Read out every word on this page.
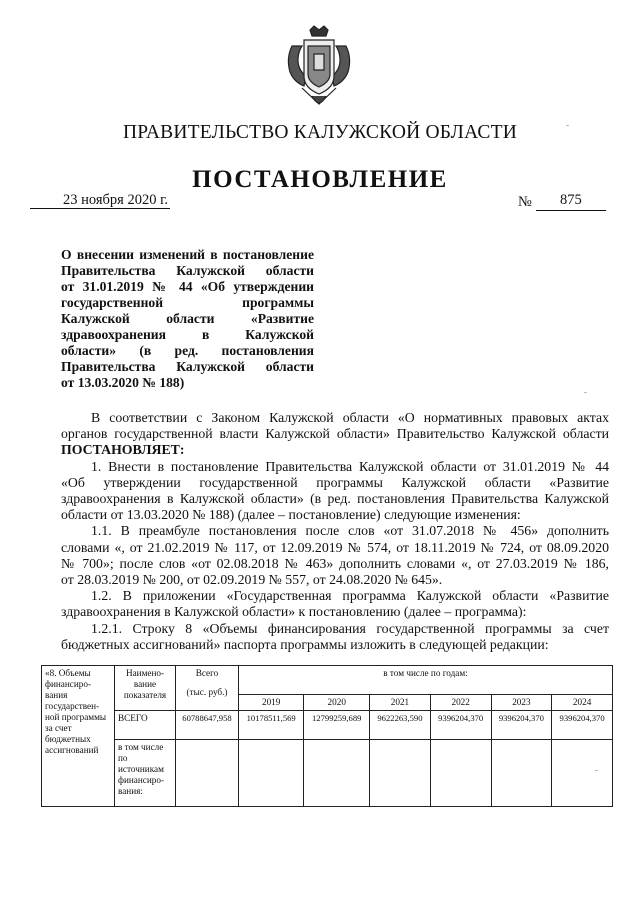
ПРАВИТЕЛЬСТВО КАЛУЖСКОЙ ОБЛАСТИ
ПОСТАНОВЛЕНИЕ
23 ноября 2020 г.	№ 875
О внесении изменений в постановление
Правительства Калужской области
от 31.01.2019 № 44 «Об утверждении
государственной программы
Калужской области «Развитие
здравоохранения в Калужской
области» (в ред. постановления
Правительства Калужской области
от 13.03.2020 № 188)

В соответствии с Законом Калужской области «О нормативных правовых актах
органов государственной власти Калужской области» Правительство Калужской области
ПОСТАНОВЛЯЕТ:

1. Внести в постановление Правительства Калужской области от 31.01.2019 № 44
«Об утверждении государственной программы Калужской области «Развитие
здравоохранения в Калужской области» (в ред. постановления Правительства Калужской
области от 13.03.2020 № 188) (далее – постановление) следующие изменения:

1.1. В преамбуле постановления после слов «от 31.07.2018 № 456» дополнить
словами «, от 21.02.2019 № 117, от 12.09.2019 № 574, от 18.11.2019 № 724, от 08.09.2020
№ 700»; после слов «от 02.08.2018 № 463» дополнить словами «, от 27.03.2019 № 186,
от 28.03.2019 № 200, от 02.09.2019 № 557, от 24.08.2020 № 645».

1.2. В приложении «Государственная программа Калужской области «Развитие
здравоохранения в Калужской области» к постановлению (далее – программа):

1.2.1. Строку 8 «Объемы финансирования государственной программы за счет
бюджетных ассигнований» паспорта программы изложить в следующей редакции:

«8. Объемы финансиро-вания государствен-ной программы за счет бюджетных ассигнований	Наимено-вание показателя	Всего
(тыс. руб.)	в том числе по годам:					
			2019	2020	2021	2022	2023	2024
	ВСЕГО	60788647,958	10178511,569	12799259,689	9622263,590	9396204,370	9396204,370	9396204,370
	в том числе по источникам финансиро-вания:							
